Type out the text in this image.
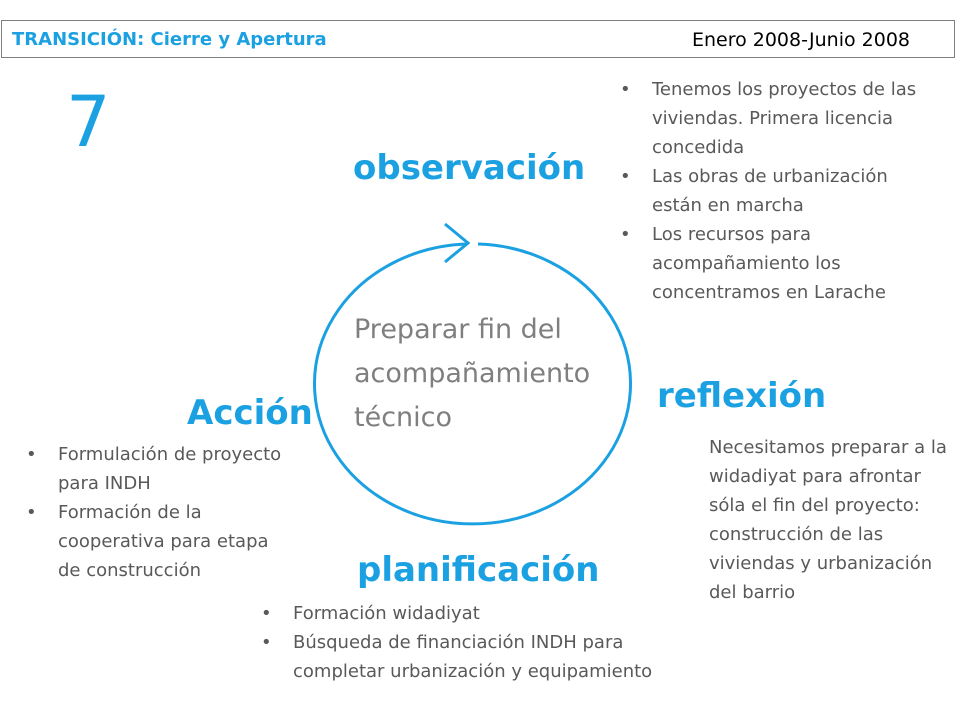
TRANSICIÓN: Cierre y Apertura	Enero 2008-Junio 2008
7
Preparar fin del
acompañamiento
técnico
observación
reflexión
Acción
planificación
• Tenemos los proyectos de las viviendas. Primera licencia concedida
• Las obras de urbanización están en marcha
• Los recursos para acompañamiento los concentramos en Larache
Necesitamos preparar a la widadiyat para afrontar sóla el fin del proyecto: construcción de las viviendas y urbanización del barrio
• Formulación de proyecto para INDH
• Formación de la cooperativa para etapa de construcción
• Formación widadiyat
• Búsqueda de financiación INDH para completar urbanización y equipamiento
